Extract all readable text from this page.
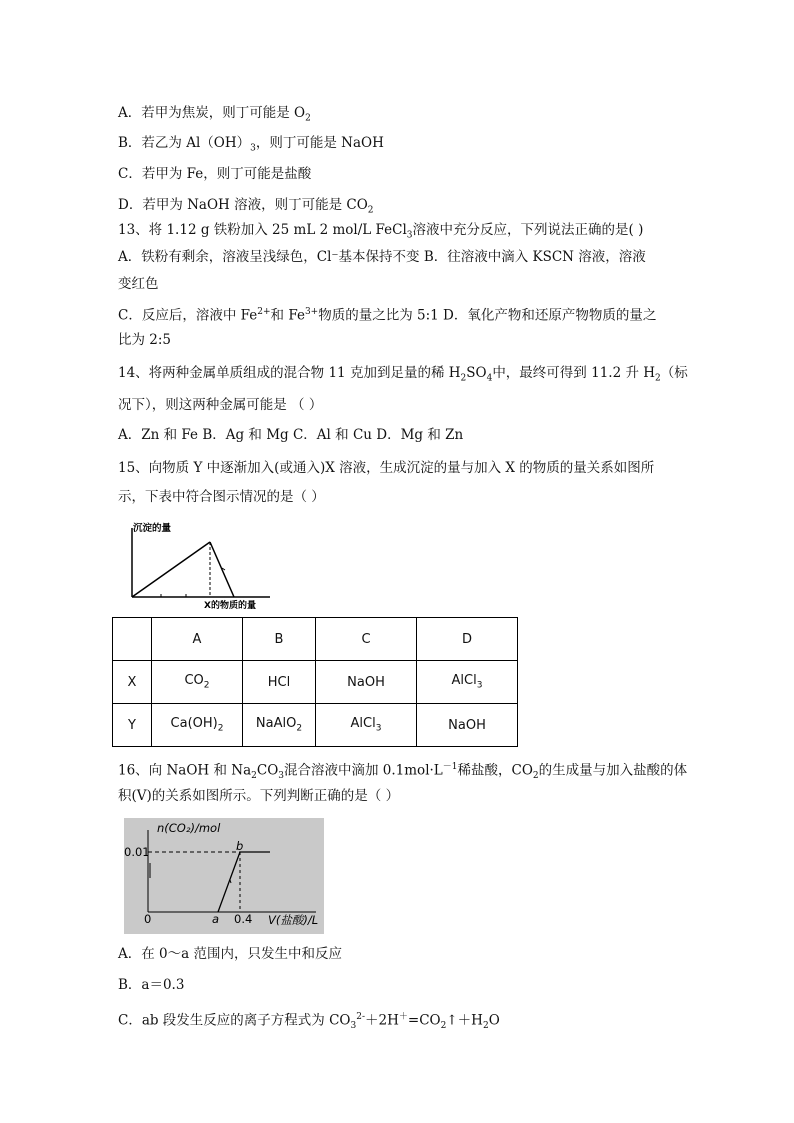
A．若甲为焦炭，则丁可能是 $O_2$
B．若乙为 $Al(OH)_3$，则丁可能是 NaOH
C．若甲为 Fe，则丁可能是盐酸
D．若甲为 NaOH 溶液，则丁可能是 $CO_2$
13、将 1.12 g 铁粉加入 25 mL 2 mol/L FeCl$_3$溶液中充分反应，下列说法正确的是( )
A．铁粉有剩余，溶液呈浅绿色，Cl⁻基本保持不变 B．往溶液中滴入 KSCN 溶液，溶液
变红色
C．反应后，溶液中 $Fe^{2+}$和 $Fe^{3+}$物质的量之比为 5:1 D．氧化产物和还原产物物质的量之
比为 2:5
14、将两种金属单质组成的混合物 11 克加到足量的稀 $H_2SO_4$中，最终可得到 11.2 升 $H_2$（标
况下），则这两种金属可能是 （ ）
A．Zn 和 Fe B．Ag 和 Mg C．Al 和 Cu D．Mg 和 Zn
15、向物质 Y 中逐渐加入(或通入)X 溶液，生成沉淀的量与加入 X 的物质的量关系如图所
示，下表中符合图示情况的是（ ）
沉淀的量
X的物质的量
	A	B	C	D
X	$CO_2$	HCl	NaOH	AlCl$_3$
Y	$Ca(OH)_2$	NaAlO$_2$	AlCl$_3$	NaOH
16、向 NaOH 和 $Na_2CO_3$混合溶液中滴加 $0.1mol\cdot L^{-1}$稀盐酸，$CO_2$的生成量与加入盐酸的体
积(V)的关系如图所示。下列判断正确的是（ ）
n(CO₂)/mol
0.01
0	a
b
0.4 V(盐酸)/L
A．在 0～a 范围内，只发生中和反应
B．a＝0.3
C．ab 段发生反应的离子方程式为 $CO_3^{2-}+2H^+=CO_2↑+H_2O$
